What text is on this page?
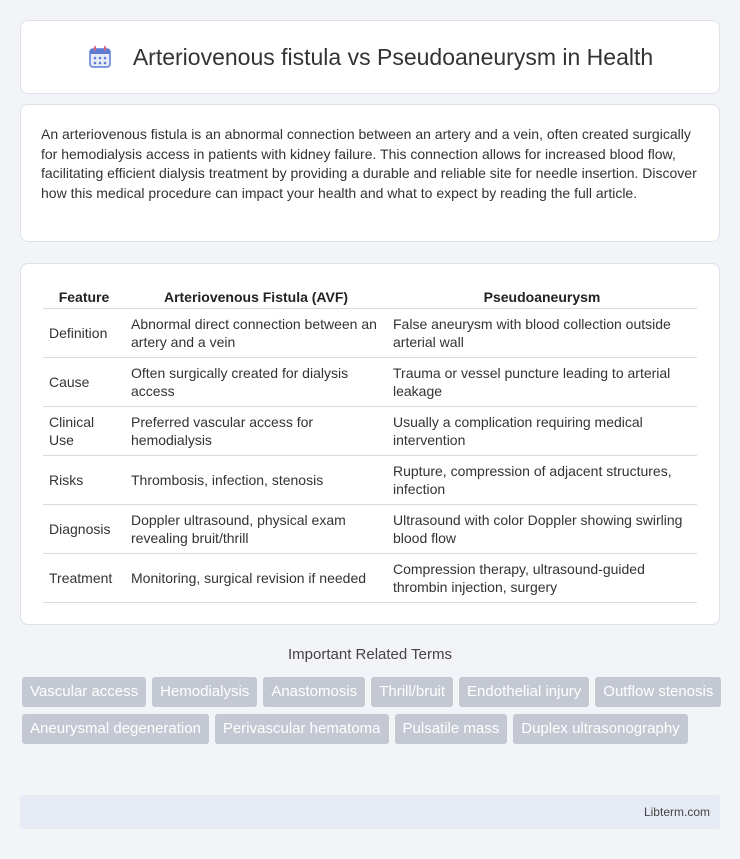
Arteriovenous fistula vs Pseudoaneurysm in Health

An arteriovenous fistula is an abnormal connection between an artery and a vein, often created surgically for hemodialysis access in patients with kidney failure. This connection allows for increased blood flow, facilitating efficient dialysis treatment by providing a durable and reliable site for needle insertion. Discover how this medical procedure can impact your health and what to expect by reading the full article.

Feature	Arteriovenous Fistula (AVF)	Pseudoaneurysm
Definition	Abnormal direct connection between an artery and a vein	False aneurysm with blood collection outside arterial wall
Cause	Often surgically created for dialysis access	Trauma or vessel puncture leading to arterial leakage
Clinical Use	Preferred vascular access for hemodialysis	Usually a complication requiring medical intervention
Risks	Thrombosis, infection, stenosis	Rupture, compression of adjacent structures, infection
Diagnosis	Doppler ultrasound, physical exam revealing bruit/thrill	Ultrasound with color Doppler showing swirling blood flow
Treatment	Monitoring, surgical revision if needed	Compression therapy, ultrasound-guided thrombin injection, surgery
Important Related Terms
Vascular access	Hemodialysis	Anastomosis	Thrill/bruit	Endothelial injury	Outflow stenosis
Aneurysmal degeneration	Perivascular hematoma	Pulsatile mass	Duplex ultrasonography
Libterm.com
